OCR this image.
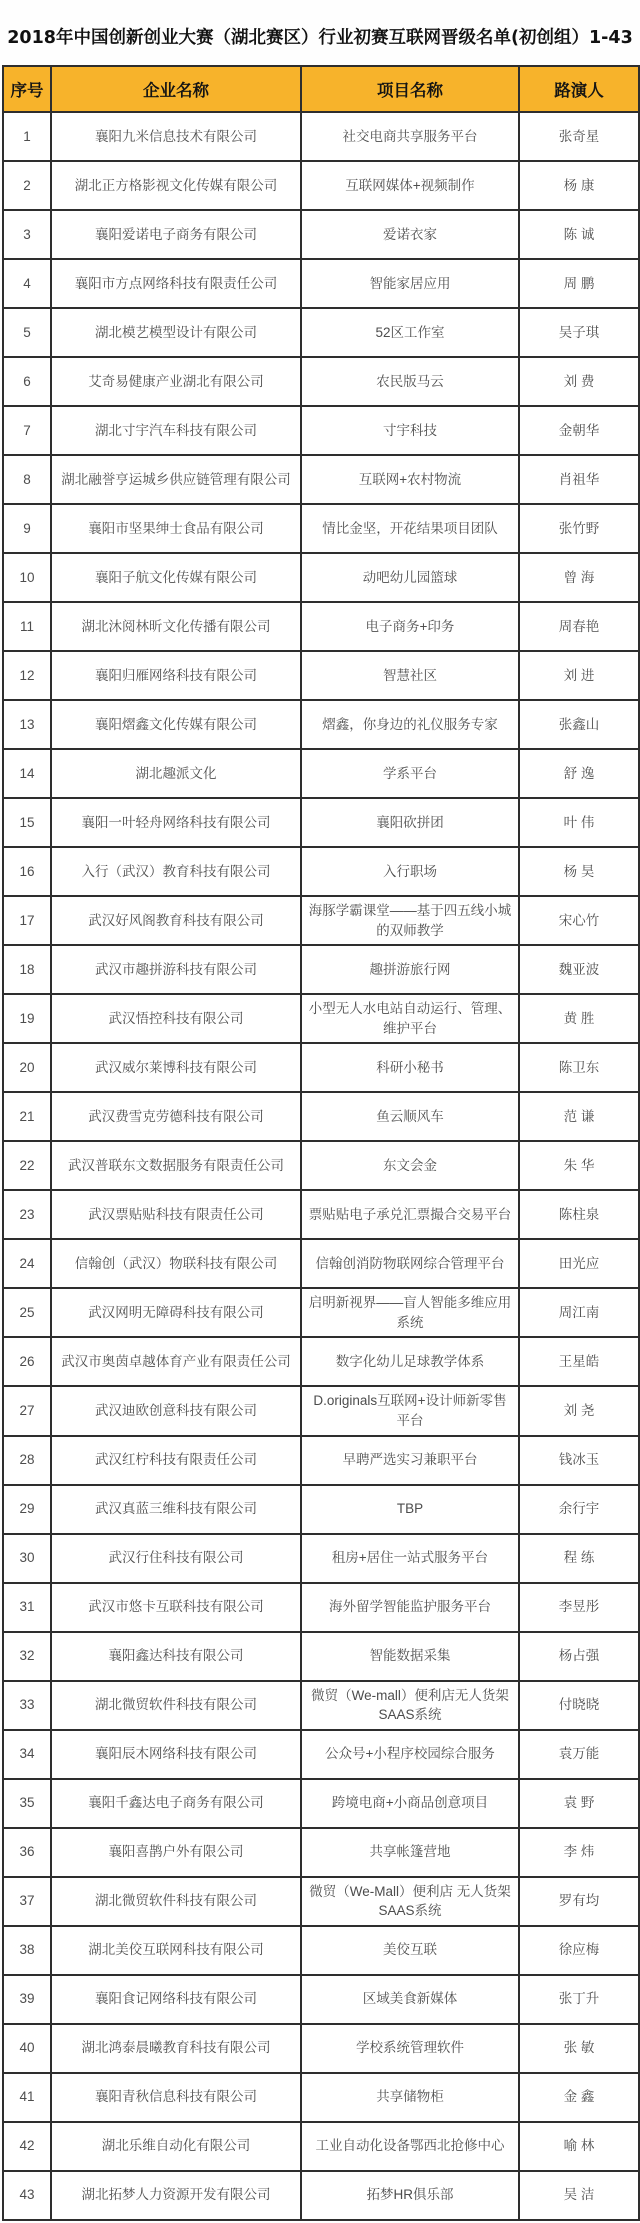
2018年中国创新创业大赛（湖北赛区）行业初赛互联网晋级名单(初创组）1-43
序号	企业名称	项目名称	路演人
1	襄阳九米信息技术有限公司	社交电商共享服务平台	张奇星
2	湖北正方格影视文化传媒有限公司	互联网媒体+视频制作	杨 康
3	襄阳爱诺电子商务有限公司	爱诺衣家	陈 诚
4	襄阳市方点网络科技有限责任公司	智能家居应用	周 鹏
5	湖北模艺模型设计有限公司	52区工作室	吴子琪
6	艾奇易健康产业湖北有限公司	农民版马云	刘 费
7	湖北寸宇汽车科技有限公司	寸宇科技	金朝华
8	湖北融誉亨运城乡供应链管理有限公司	互联网+农村物流	肖祖华
9	襄阳市坚果绅士食品有限公司	情比金坚，开花结果项目团队	张竹野
10	襄阳子航文化传媒有限公司	动吧幼儿园篮球	曾 海
11	湖北沐阅林昕文化传播有限公司	电子商务+印务	周春艳
12	襄阳归雁网络科技有限公司	智慧社区	刘 进
13	襄阳熠鑫文化传媒有限公司	熠鑫，你身边的礼仪服务专家	张鑫山
14	湖北趣派文化	学系平台	舒 逸
15	襄阳一叶轻舟网络科技有限公司	襄阳砍拼团	叶 伟
16	入行（武汉）教育科技有限公司	入行职场	杨 昊
17	武汉好风阁教育科技有限公司	海豚学霸课堂——基于四五线小城的双师教学	宋心竹
18	武汉市趣拼游科技有限公司	趣拼游旅行网	魏亚波
19	武汉悟控科技有限公司	小型无人水电站自动运行、管理、维护平台	黄 胜
20	武汉威尔莱博科技有限公司	科研小秘书	陈卫东
21	武汉费雪克劳德科技有限公司	鱼云顺风车	范 谦
22	武汉普联东文数据服务有限责任公司	东文会金	朱 华
23	武汉票贴贴科技有限责任公司	票贴贴电子承兑汇票撮合交易平台	陈柱泉
24	信翰创（武汉）物联科技有限公司	信翰创消防物联网综合管理平台	田光应
25	武汉网明无障碍科技有限公司	启明新视界——盲人智能多维应用系统	周江南
26	武汉市奥茵卓越体育产业有限责任公司	数字化幼儿足球教学体系	王星皓
27	武汉迪欧创意科技有限公司	D.originals互联网+设计师新零售平台	刘 尧
28	武汉红柠科技有限责任公司	早聘严选实习兼职平台	钱冰玉
29	武汉真蓝三维科技有限公司	TBP	余行宇
30	武汉行住科技有限公司	租房+居住一站式服务平台	程 练
31	武汉市悠卡互联科技有限公司	海外留学智能监护服务平台	李昱彤
32	襄阳鑫达科技有限公司	智能数据采集	杨占强
33	湖北微贸软件科技有限公司	微贸（We-mall）便利店无人货架SAAS系统	付晓晓
34	襄阳辰木网络科技有限公司	公众号+小程序校园综合服务	袁万能
35	襄阳千鑫达电子商务有限公司	跨境电商+小商品创意项目	袁 野
36	襄阳喜鹊户外有限公司	共享帐篷营地	李 炜
37	湖北微贸软件科技有限公司	微贸（We-Mall）便利店 无人货架SAAS系统	罗有均
38	湖北美佼互联网科技有限公司	美佼互联	徐应梅
39	襄阳食记网络科技有限公司	区域美食新媒体	张丁升
40	湖北鸿泰晨曦教育科技有限公司	学校系统管理软件	张 敏
41	襄阳青秋信息科技有限公司	共享储物柜	金 鑫
42	湖北乐维自动化有限公司	工业自动化设备鄂西北抢修中心	喻 林
43	湖北拓梦人力资源开发有限公司	拓梦HR俱乐部	吴 洁
